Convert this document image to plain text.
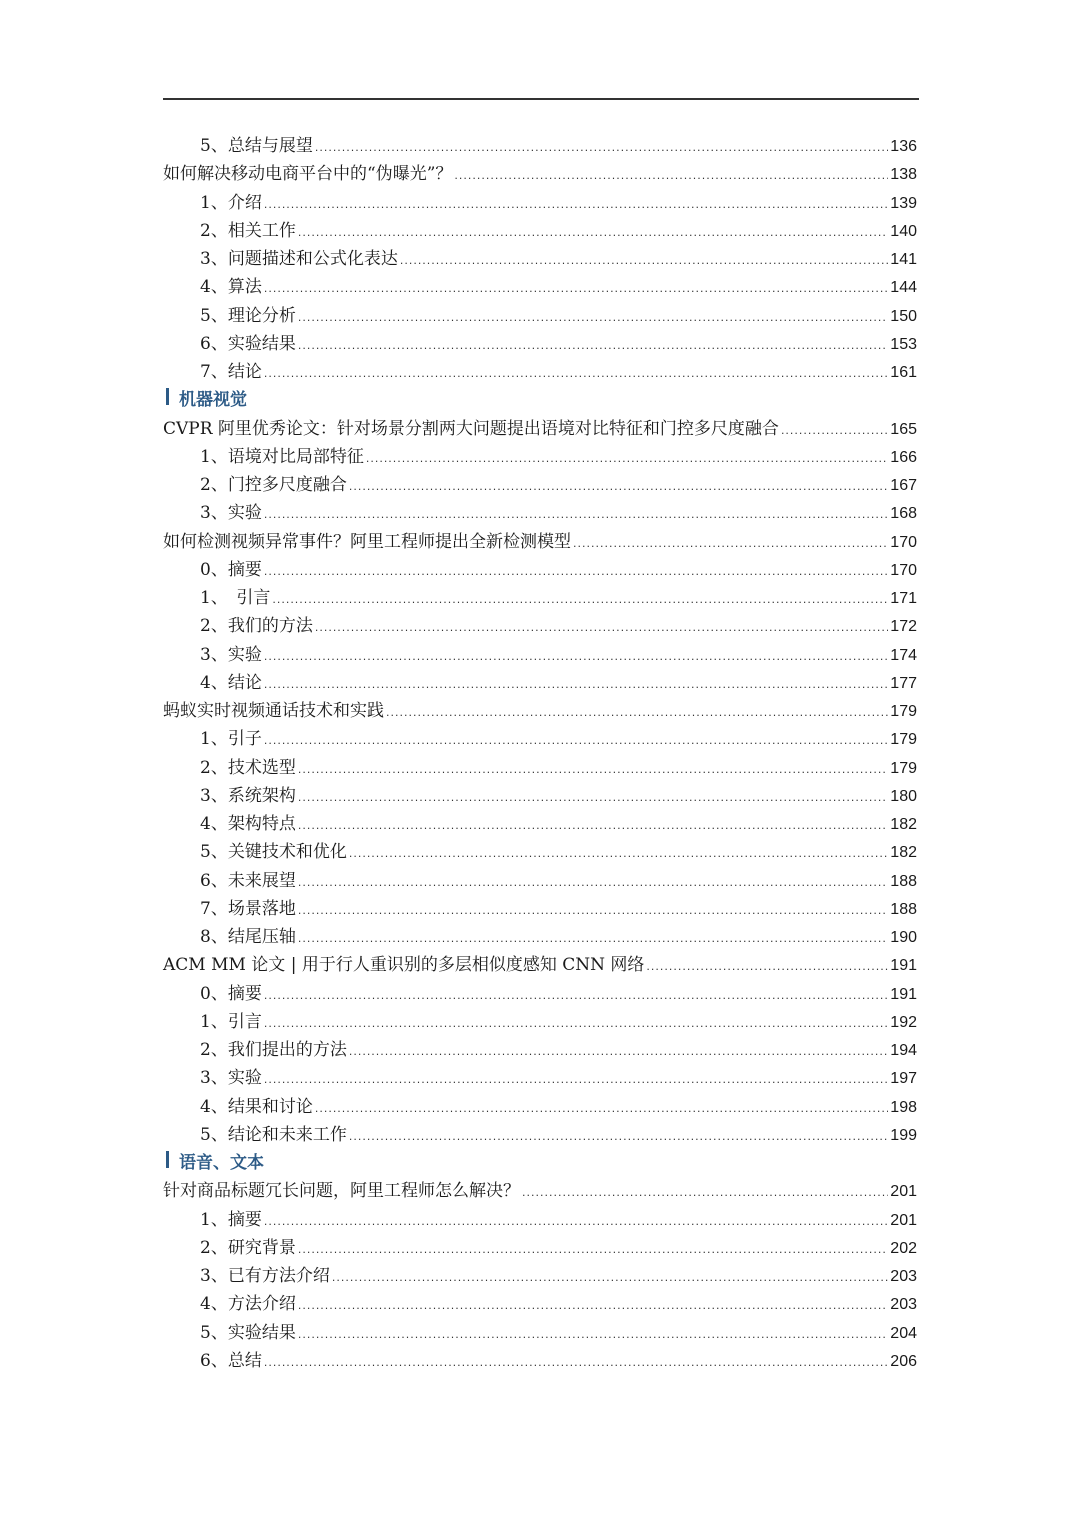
5、总结与展望 .....	136
如何解决移动电商平台中的“伪曝光”？ .....	138
1、介绍 .....	139
2、相关工作 .....	140
3、问题描述和公式化表达 .....	141
4、算法 .....	144
5、理论分析 .....	150
6、实验结果 .....	153
7、结论 .....	161
机器视觉
CVPR 阿里优秀论文：针对场景分割两大问题提出语境对比特征和门控多尺度融合 .....	165
1、语境对比局部特征 .....	166
2、门控多尺度融合 .....	167
3、实验 .....	168
如何检测视频异常事件？阿里工程师提出全新检测模型 .....	170
0、摘要 .....	170
1、　引言 .....	171
2、我们的方法 .....	172
3、实验 .....	174
4、结论 .....	177
蚂蚁实时视频通话技术和实践 .....	179
1、引子 .....	179
2、技术选型 .....	179
3、系统架构 .....	180
4、架构特点 .....	182
5、关键技术和优化 .....	182
6、未来展望 .....	188
7、场景落地 .....	188
8、结尾压轴 .....	190
ACM MM 论文 | 用于行人重识别的多层相似度感知 CNN 网络 .....	191
0、摘要 .....	191
1、引言 .....	192
2、我们提出的方法 .....	194
3、实验 .....	197
4、结果和讨论 .....	198
5、结论和未来工作 .....	199
语音、文本
针对商品标题冗长问题，阿里工程师怎么解决？ .....	201
1、摘要 .....	201
2、研究背景 .....	202
3、已有方法介绍 .....	203
4、方法介绍 .....	203
5、实验结果 .....	204
6、总结 .....	206
